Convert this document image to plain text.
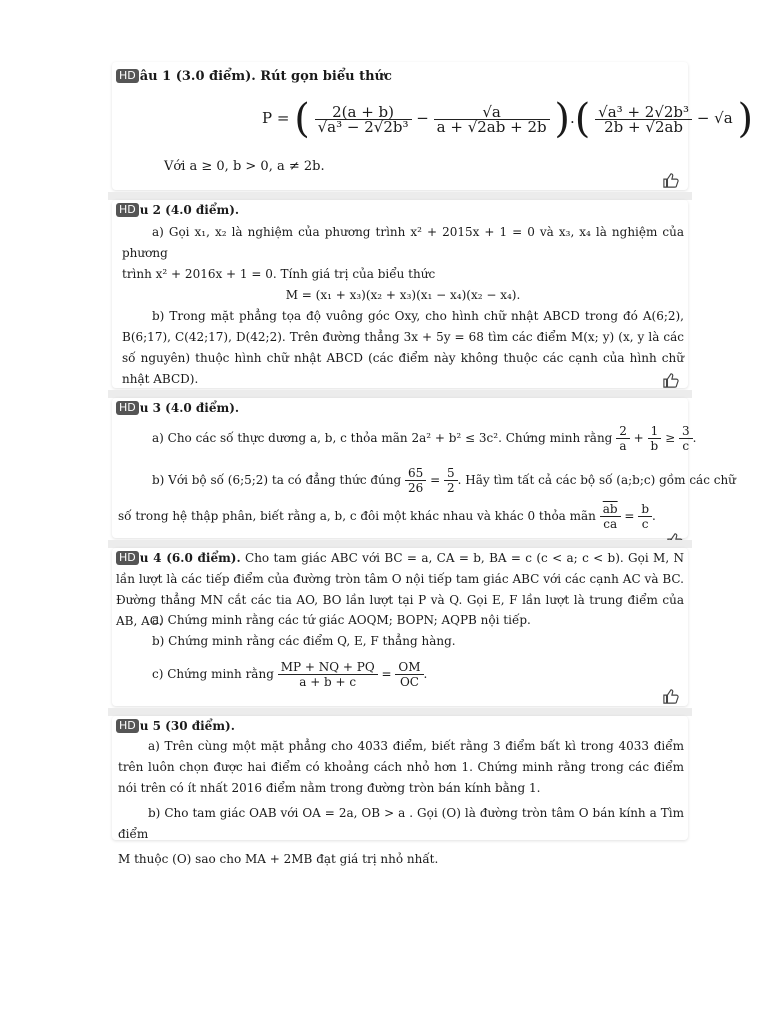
HD âu 1 (3.0 điểm). Rút gọn biểu thức
P = ( $\frac{2(a + b)}{\text{√a³ − 2√2b³}} - \frac{√a}{a + √2ab + 2b}$ ).( $\frac{\text{√a³ + 2√2b³}}{2b + √2ab} - √a$ )
Với a ≥ 0, b > 0, a ≠ 2b.
HD u 2 (4.0 điểm).

a) Gọi x₁, x₂ là nghiệm của phương trình x² + 2015x + 1 = 0 và x₃, x₄ là nghiệm của phương

trình x² + 2016x + 1 = 0. Tính giá trị của biểu thức

M = (x₁ + x₃)(x₂ + x₃)(x₁ − x₄)(x₂ − x₄).

b) Trong mặt phẳng tọa độ vuông góc Oxy, cho hình chữ nhật ABCD trong đó A(6;2), B(6;17), C(42;17), D(42;2). Trên đường thẳng 3x + 5y = 68 tìm các điểm M(x; y) (x, y là các số nguyên) thuộc hình chữ nhật ABCD (các điểm này không thuộc các cạnh của hình chữ nhật ABCD).

HD u 3 (4.0 điểm).
a) Cho các số thực dương a, b, c thỏa mãn 2a² + b² ≤ 3c². Chứng minh rằng $\frac{2}{a} + \frac{1}{b} \ge \frac{3}{c}$ .
b) Với bộ số (6;5;2) ta có đẳng thức đúng $\frac{65}{26} = \frac{5}{2}$ . Hãy tìm tất cả các bộ số (a;b;c) gồm các chữ
số trong hệ thập phân, biết rằng a, b, c đôi một khác nhau và khác 0 thỏa mãn $\frac{\overline{ab}}{ca} = \frac{b}{c}$ .
HD u 4 (6.0 điểm). Cho tam giác ABC với BC = a, CA = b, BA = c (c < a; c < b). Gọi M, N lần lượt là các tiếp điểm của đường tròn tâm O nội tiếp tam giác ABC với các cạnh AC và BC. Đường thẳng MN cắt các tia AO, BO lần lượt tại P và Q. Gọi E, F lần lượt là trung điểm của AB, AC.
a) Chứng minh rằng các tứ giác AOQM; BOPN; AQPB nội tiếp.
b) Chứng minh rằng các điểm Q, E, F thẳng hàng.
c) Chứng minh rằng $\frac{MP + NQ + PQ}{a + b + c} = \frac{OM}{OC}$ .
HD u 5 (30 điểm).

a) Trên cùng một mặt phẳng cho 4033 điểm, biết rằng 3 điểm bất kì trong 4033 điểm trên luôn chọn được hai điểm có khoảng cách nhỏ hơn 1. Chứng minh rằng trong các điểm nói trên có ít nhất 2016 điểm nằm trong đường tròn bán kính bằng 1.

b) Cho tam giác OAB với OA = 2a, OB > a . Gọi (O) là đường tròn tâm O bán kính a Tìm điểm

M thuộc (O) sao cho MA + 2MB đạt giá trị nhỏ nhất.
